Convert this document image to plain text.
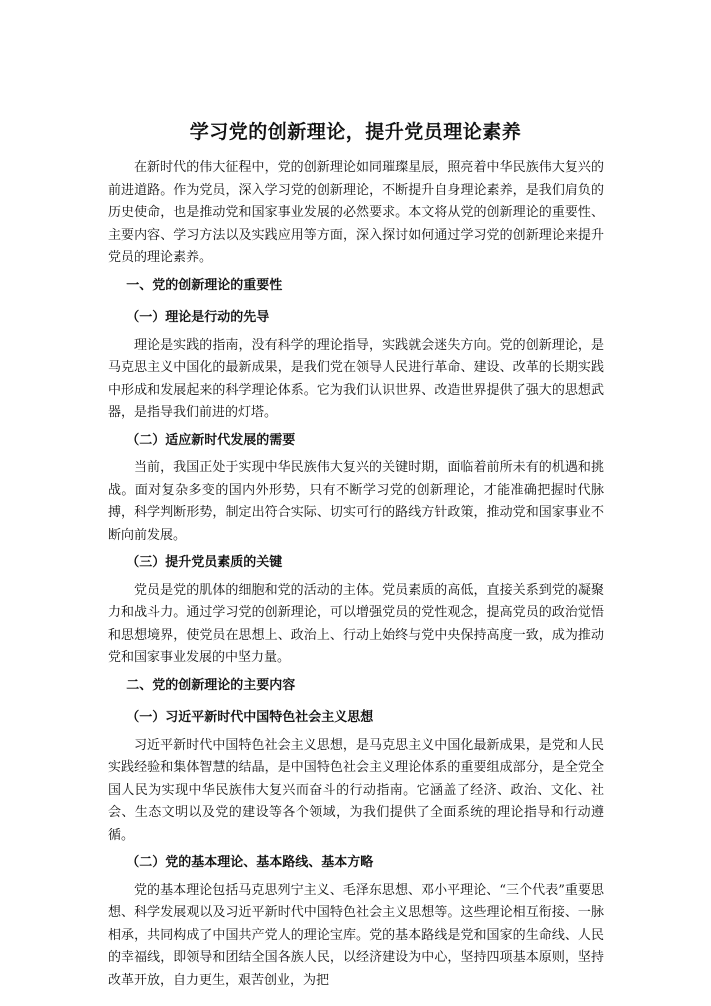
学习党的创新理论，提升党员理论素养

在新时代的伟大征程中，党的创新理论如同璀璨星辰，照亮着中华民族伟大复兴的前进道路。作为党员，深入学习党的创新理论，不断提升自身理论素养，是我们肩负的历史使命，也是推动党和国家事业发展的必然要求。本文将从党的创新理论的重要性、主要内容、学习方法以及实践应用等方面，深入探讨如何通过学习党的创新理论来提升党员的理论素养。

一、党的创新理论的重要性

（一）理论是行动的先导

理论是实践的指南，没有科学的理论指导，实践就会迷失方向。党的创新理论，是马克思主义中国化的最新成果，是我们党在领导人民进行革命、建设、改革的长期实践中形成和发展起来的科学理论体系。它为我们认识世界、改造世界提供了强大的思想武器，是指导我们前进的灯塔。

（二）适应新时代发展的需要

当前，我国正处于实现中华民族伟大复兴的关键时期，面临着前所未有的机遇和挑战。面对复杂多变的国内外形势，只有不断学习党的创新理论，才能准确把握时代脉搏，科学判断形势，制定出符合实际、切实可行的路线方针政策，推动党和国家事业不断向前发展。

（三）提升党员素质的关键

党员是党的肌体的细胞和党的活动的主体。党员素质的高低，直接关系到党的凝聚力和战斗力。通过学习党的创新理论，可以增强党员的党性观念，提高党员的政治觉悟和思想境界，使党员在思想上、政治上、行动上始终与党中央保持高度一致，成为推动党和国家事业发展的中坚力量。

二、党的创新理论的主要内容

（一）习近平新时代中国特色社会主义思想

习近平新时代中国特色社会主义思想，是马克思主义中国化最新成果，是党和人民实践经验和集体智慧的结晶，是中国特色社会主义理论体系的重要组成部分，是全党全国人民为实现中华民族伟大复兴而奋斗的行动指南。它涵盖了经济、政治、文化、社会、生态文明以及党的建设等各个领域，为我们提供了全面系统的理论指导和行动遵循。

（二）党的基本理论、基本路线、基本方略

党的基本理论包括马克思列宁主义、毛泽东思想、邓小平理论、“三个代表”重要思想、科学发展观以及习近平新时代中国特色社会主义思想等。这些理论相互衔接、一脉相承，共同构成了中国共产党人的理论宝库。党的基本路线是党和国家的生命线、人民的幸福线，即领导和团结全国各族人民，以经济建设为中心，坚持四项基本原则，坚持改革开放，自力更生，艰苦创业，为把
